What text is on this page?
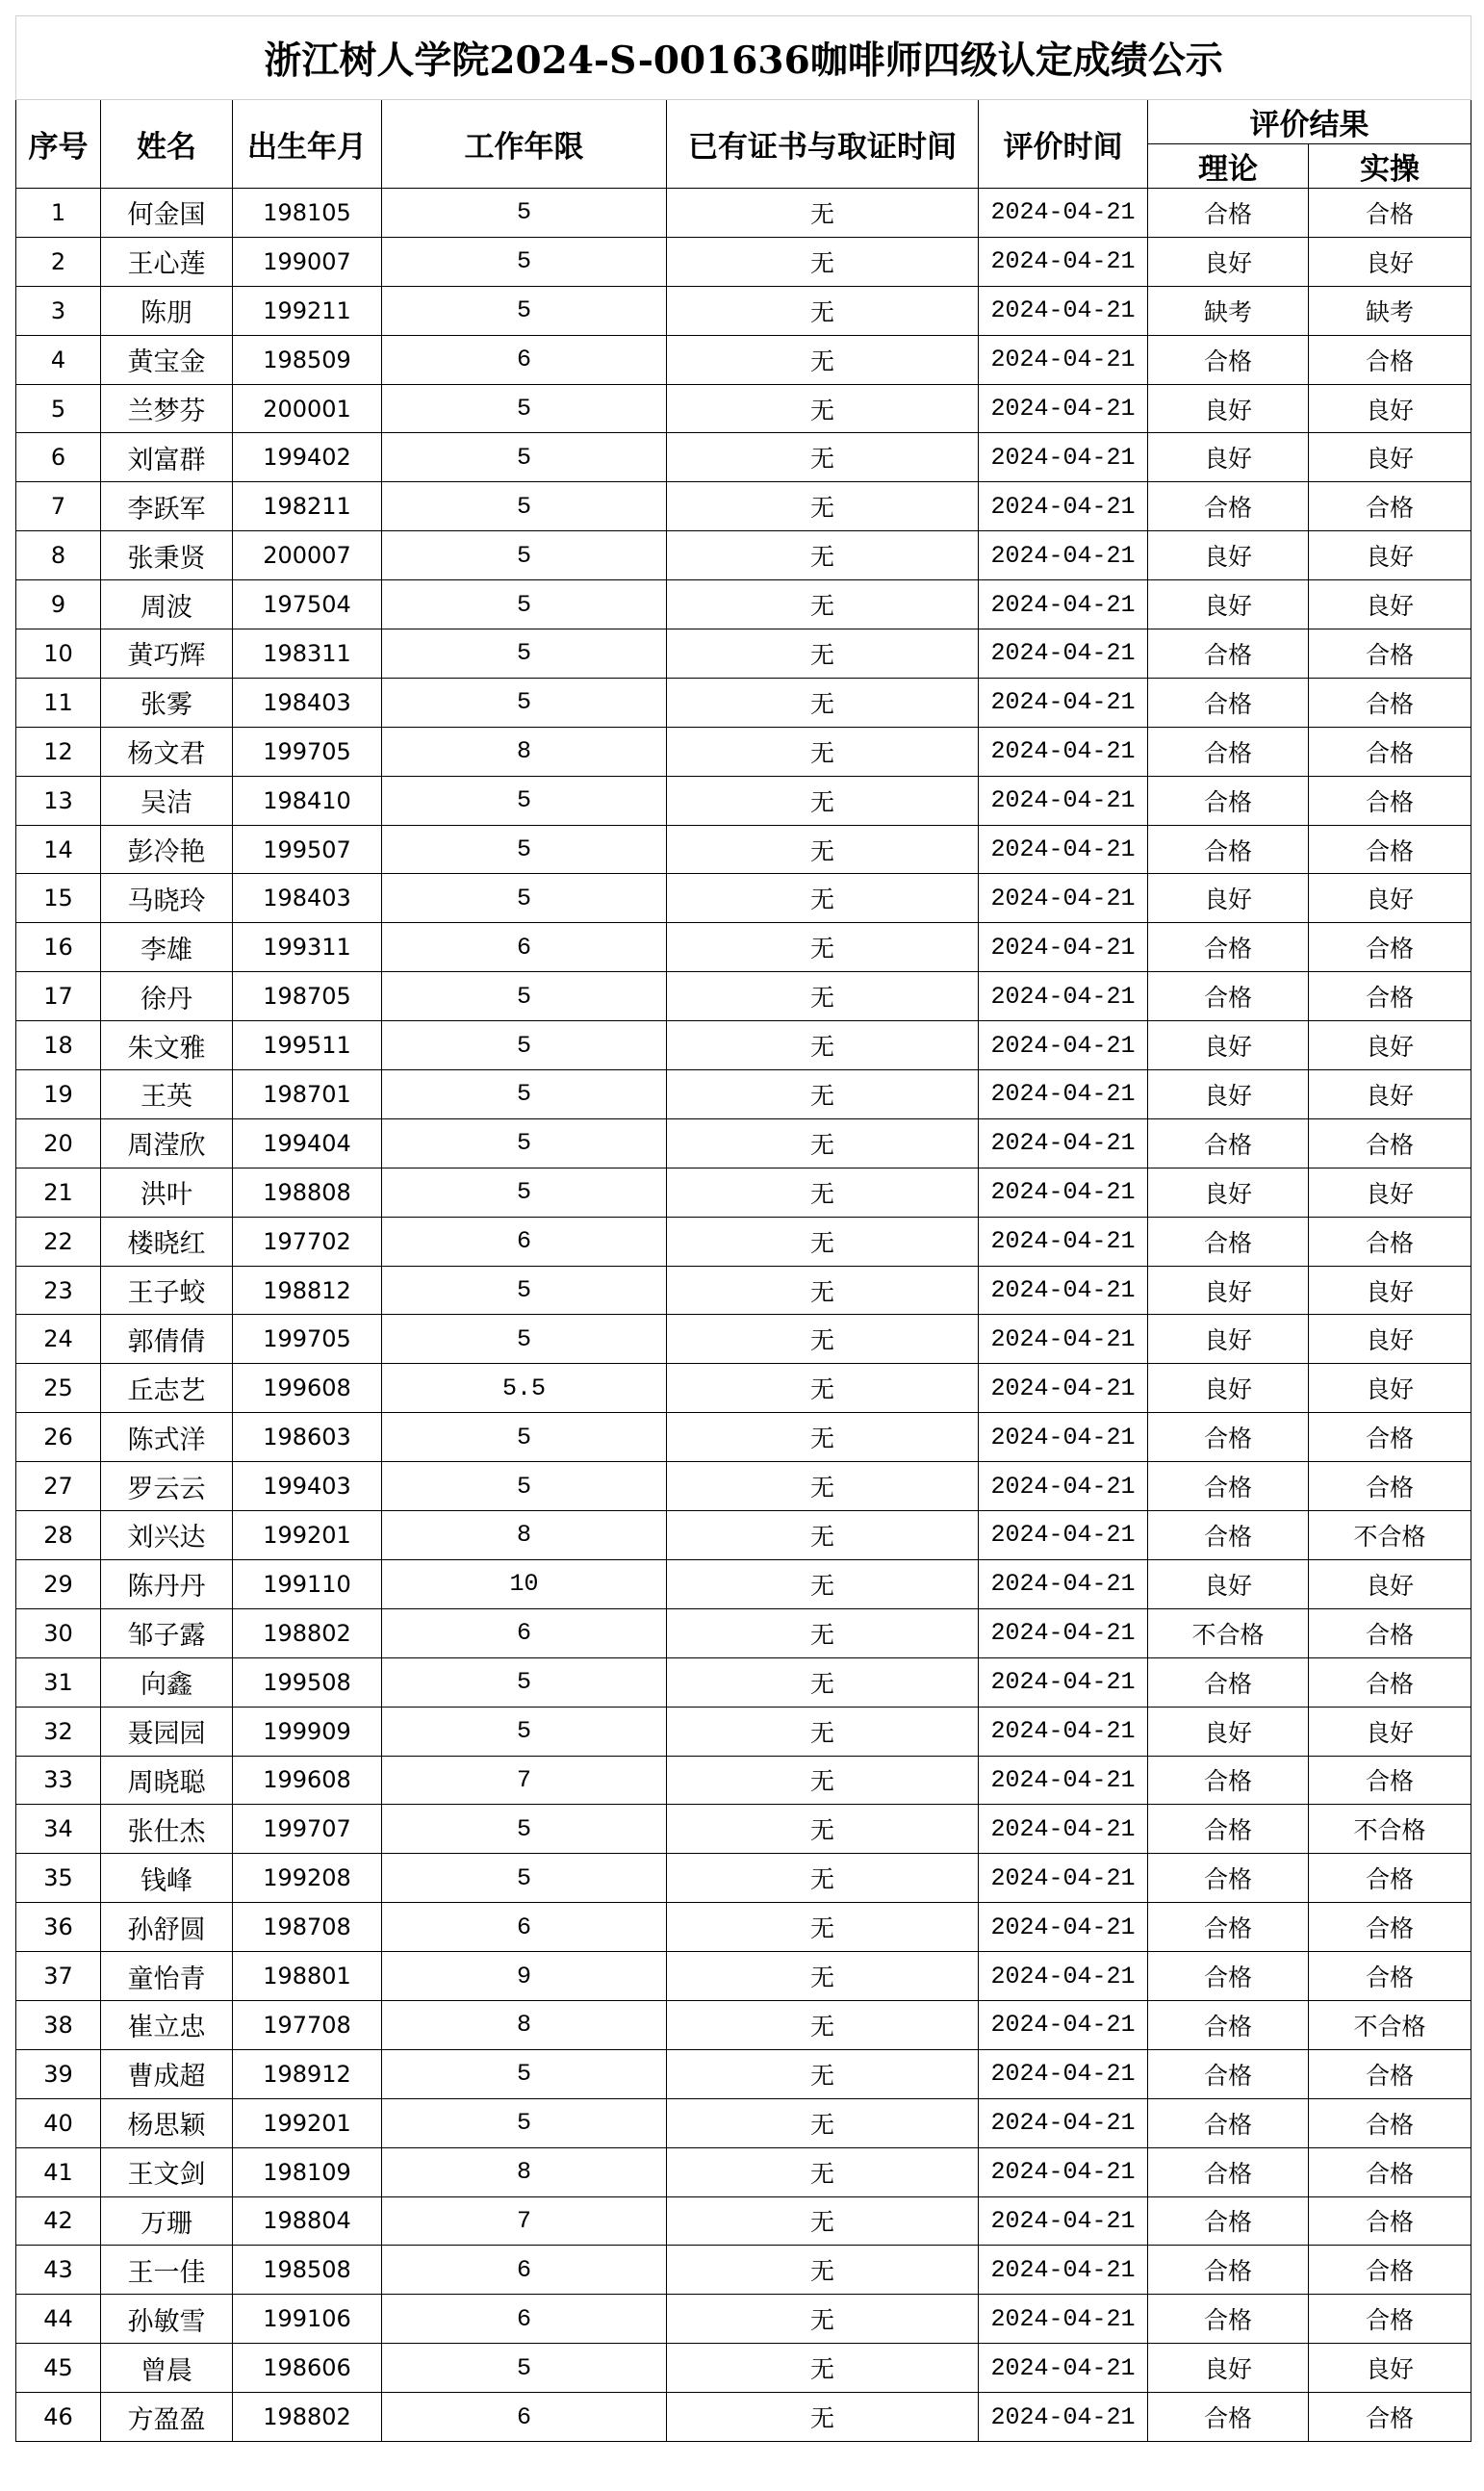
浙江树人学院2024-S-001636咖啡师四级认定成绩公示							
序号	姓名	出生年月	工作年限	已有证书与取证时间	评价时间	评价结果	
						理论	实操
1	何金国	198105	5	无	2024-04-21	合格	合格
2	王心莲	199007	5	无	2024-04-21	良好	良好
3	陈朋	199211	5	无	2024-04-21	缺考	缺考
4	黄宝金	198509	6	无	2024-04-21	合格	合格
5	兰梦芬	200001	5	无	2024-04-21	良好	良好
6	刘富群	199402	5	无	2024-04-21	良好	良好
7	李跃军	198211	5	无	2024-04-21	合格	合格
8	张秉贤	200007	5	无	2024-04-21	良好	良好
9	周波	197504	5	无	2024-04-21	良好	良好
10	黄巧辉	198311	5	无	2024-04-21	合格	合格
11	张雾	198403	5	无	2024-04-21	合格	合格
12	杨文君	199705	8	无	2024-04-21	合格	合格
13	吴洁	198410	5	无	2024-04-21	合格	合格
14	彭冷艳	199507	5	无	2024-04-21	合格	合格
15	马晓玲	198403	5	无	2024-04-21	良好	良好
16	李雄	199311	6	无	2024-04-21	合格	合格
17	徐丹	198705	5	无	2024-04-21	合格	合格
18	朱文雅	199511	5	无	2024-04-21	良好	良好
19	王英	198701	5	无	2024-04-21	良好	良好
20	周滢欣	199404	5	无	2024-04-21	合格	合格
21	洪叶	198808	5	无	2024-04-21	良好	良好
22	楼晓红	197702	6	无	2024-04-21	合格	合格
23	王子蛟	198812	5	无	2024-04-21	良好	良好
24	郭倩倩	199705	5	无	2024-04-21	良好	良好
25	丘志艺	199608	5.5	无	2024-04-21	良好	良好
26	陈式洋	198603	5	无	2024-04-21	合格	合格
27	罗云云	199403	5	无	2024-04-21	合格	合格
28	刘兴达	199201	8	无	2024-04-21	合格	不合格
29	陈丹丹	199110	10	无	2024-04-21	良好	良好
30	邹子露	198802	6	无	2024-04-21	不合格	合格
31	向鑫	199508	5	无	2024-04-21	合格	合格
32	聂园园	199909	5	无	2024-04-21	良好	良好
33	周晓聪	199608	7	无	2024-04-21	合格	合格
34	张仕杰	199707	5	无	2024-04-21	合格	不合格
35	钱峰	199208	5	无	2024-04-21	合格	合格
36	孙舒圆	198708	6	无	2024-04-21	合格	合格
37	童怡青	198801	9	无	2024-04-21	合格	合格
38	崔立忠	197708	8	无	2024-04-21	合格	不合格
39	曹成超	198912	5	无	2024-04-21	合格	合格
40	杨思颖	199201	5	无	2024-04-21	合格	合格
41	王文剑	198109	8	无	2024-04-21	合格	合格
42	万珊	198804	7	无	2024-04-21	合格	合格
43	王一佳	198508	6	无	2024-04-21	合格	合格
44	孙敏雪	199106	6	无	2024-04-21	合格	合格
45	曾晨	198606	5	无	2024-04-21	良好	良好
46	方盈盈	198802	6	无	2024-04-21	合格	合格
